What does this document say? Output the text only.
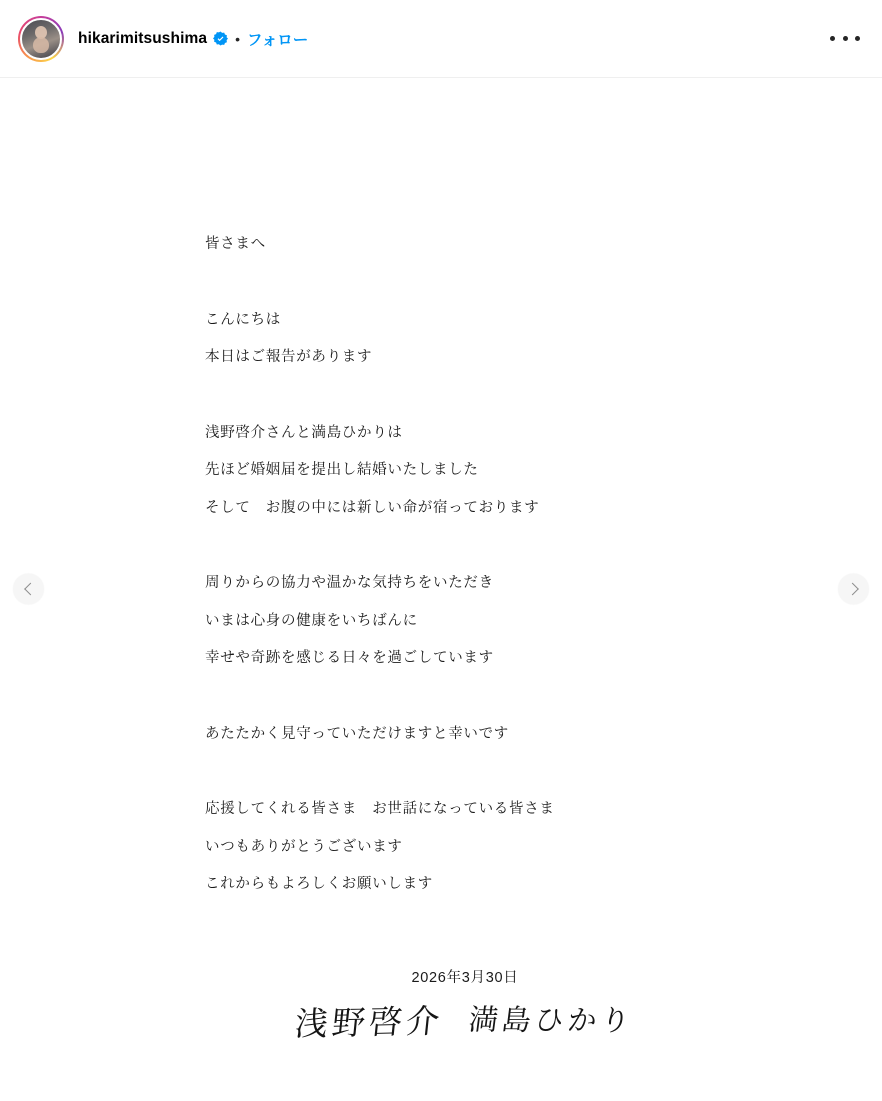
hikarimitsushima • フォロー
皆さまへ
こんにちは
本日はご報告があります
浅野啓介さんと満島ひかりは
先ほど婚姻届を提出し結婚いたしました
そして　お腹の中には新しい命が宿っております
周りからの協力や温かな気持ちをいただき
いまは心身の健康をいちばんに
幸せや奇跡を感じる日々を過ごしています
あたたかく見守っていただけますと幸いです
応援してくれる皆さま　お世話になっている皆さま
いつもありがとうございます
これからもよろしくお願いします
2026年3月30日
浅野啓介 満島ひかり
